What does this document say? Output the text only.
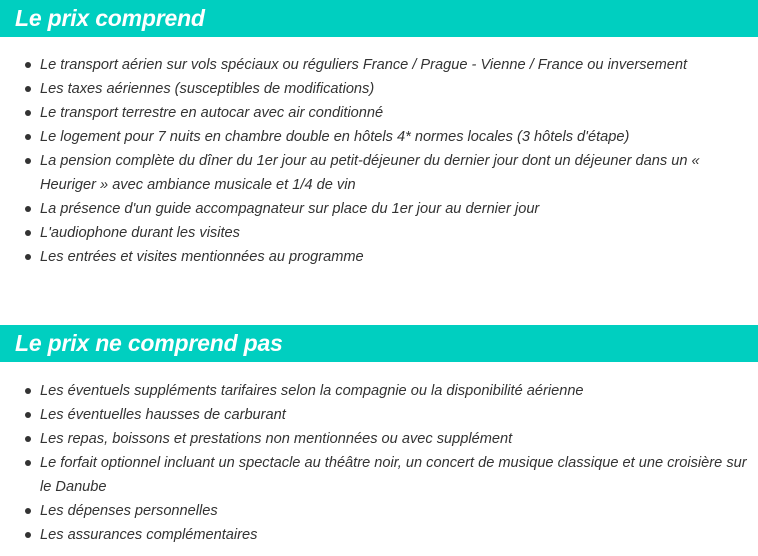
Le prix comprend
Le transport aérien sur vols spéciaux ou réguliers France / Prague - Vienne / France ou inversement
Les taxes aériennes (susceptibles de modifications)
Le transport terrestre en autocar avec air conditionné
Le logement pour 7 nuits en chambre double en hôtels 4* normes locales (3 hôtels d'étape)
La pension complète du dîner du 1er jour au petit-déjeuner du dernier jour dont un déjeuner dans un « Heuriger » avec ambiance musicale et 1/4 de vin
La présence d'un guide accompagnateur sur place du 1er jour au dernier jour
L'audiophone durant les visites
Les entrées et visites mentionnées au programme
Le prix ne comprend pas
Les éventuels suppléments tarifaires selon la compagnie ou la disponibilité aérienne
Les éventuelles hausses de carburant
Les repas, boissons et prestations non mentionnées ou avec supplément
Le forfait optionnel incluant un spectacle au théâtre noir, un concert de musique classique et une croisière sur le Danube
Les dépenses personnelles
Les assurances complémentaires
